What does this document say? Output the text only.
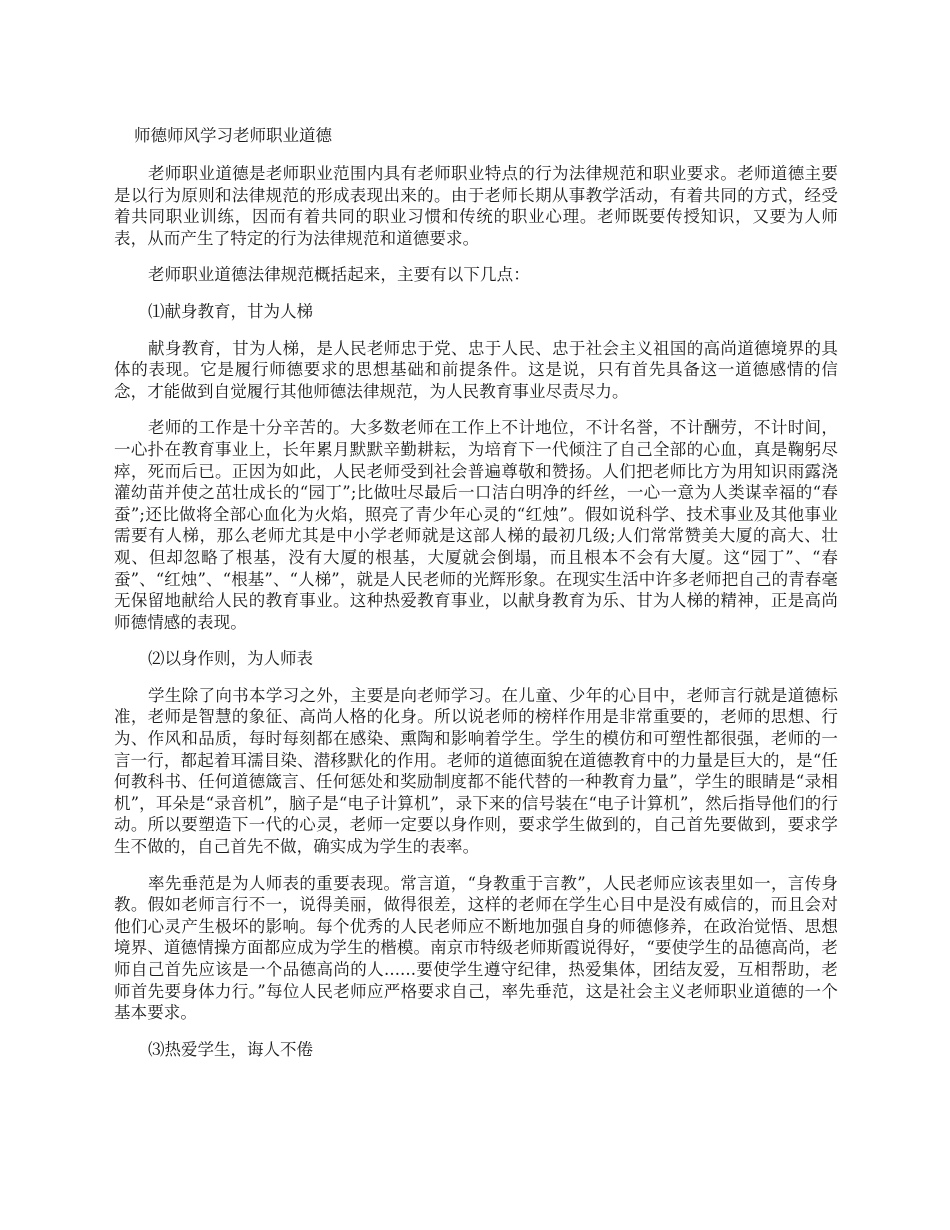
师德师风学习老师职业道德

老师职业道德是老师职业范围内具有老师职业特点的行为法律规范和职业要求。老师道德主要是以行为原则和法律规范的形成表现出来的。由于老师长期从事教学活动，有着共同的方式，经受着共同职业训练，因而有着共同的职业习惯和传统的职业心理。老师既要传授知识，又要为人师表，从而产生了特定的行为法律规范和道德要求。

老师职业道德法律规范概括起来，主要有以下几点：

⑴献身教育，甘为人梯

献身教育，甘为人梯，是人民老师忠于党、忠于人民、忠于社会主义祖国的高尚道德境界的具体的表现。它是履行师德要求的思想基础和前提条件。这是说，只有首先具备这一道德感情的信念，才能做到自觉履行其他师德法律规范，为人民教育事业尽责尽力。

老师的工作是十分辛苦的。大多数老师在工作上不计地位，不计名誉，不计酬劳，不计时间，一心扑在教育事业上，长年累月默默辛勤耕耘，为培育下一代倾注了自己全部的心血，真是鞠躬尽瘁，死而后已。正因为如此，人民老师受到社会普遍尊敬和赞扬。人们把老师比方为用知识雨露浇灌幼苗并使之茁壮成长的“园丁”;比做吐尽最后一口洁白明净的纤丝，一心一意为人类谋幸福的“春蚕”;还比做将全部心血化为火焰，照亮了青少年心灵的“红烛”。假如说科学、技术事业及其他事业需要有人梯，那么老师尤其是中小学老师就是这部人梯的最初几级;人们常常赞美大厦的高大、壮观、但却忽略了根基，没有大厦的根基，大厦就会倒塌，而且根本不会有大厦。这“园丁”、“春蚕”、“红烛”、“根基”、“人梯”，就是人民老师的光辉形象。在现实生活中许多老师把自己的青春毫无保留地献给人民的教育事业。这种热爱教育事业，以献身教育为乐、甘为人梯的精神，正是高尚师德情感的表现。

⑵以身作则，为人师表

学生除了向书本学习之外，主要是向老师学习。在儿童、少年的心目中，老师言行就是道德标准，老师是智慧的象征、高尚人格的化身。所以说老师的榜样作用是非常重要的，老师的思想、行为、作风和品质，每时每刻都在感染、熏陶和影响着学生。学生的模仿和可塑性都很强，老师的一言一行，都起着耳濡目染、潜移默化的作用。老师的道德面貌在道德教育中的力量是巨大的，是“任何教科书、任何道德箴言、任何惩处和奖励制度都不能代替的一种教育力量”，学生的眼睛是“录相机”，耳朵是“录音机”，脑子是“电子计算机”，录下来的信号装在“电子计算机”，然后指导他们的行动。所以要塑造下一代的心灵，老师一定要以身作则，要求学生做到的，自己首先要做到，要求学生不做的，自己首先不做，确实成为学生的表率。

率先垂范是为人师表的重要表现。常言道，“身教重于言教”，人民老师应该表里如一，言传身教。假如老师言行不一，说得美丽，做得很差，这样的老师在学生心目中是没有威信的，而且会对他们心灵产生极坏的影响。每个优秀的人民老师应不断地加强自身的师德修养，在政治觉悟、思想境界、道德情操方面都应成为学生的楷模。南京市特级老师斯霞说得好，“要使学生的品德高尚，老师自己首先应该是一个品德高尚的人......要使学生遵守纪律，热爱集体，团结友爱，互相帮助，老师首先要身体力行。”每位人民老师应严格要求自己，率先垂范，这是社会主义老师职业道德的一个基本要求。

⑶热爱学生，诲人不倦
